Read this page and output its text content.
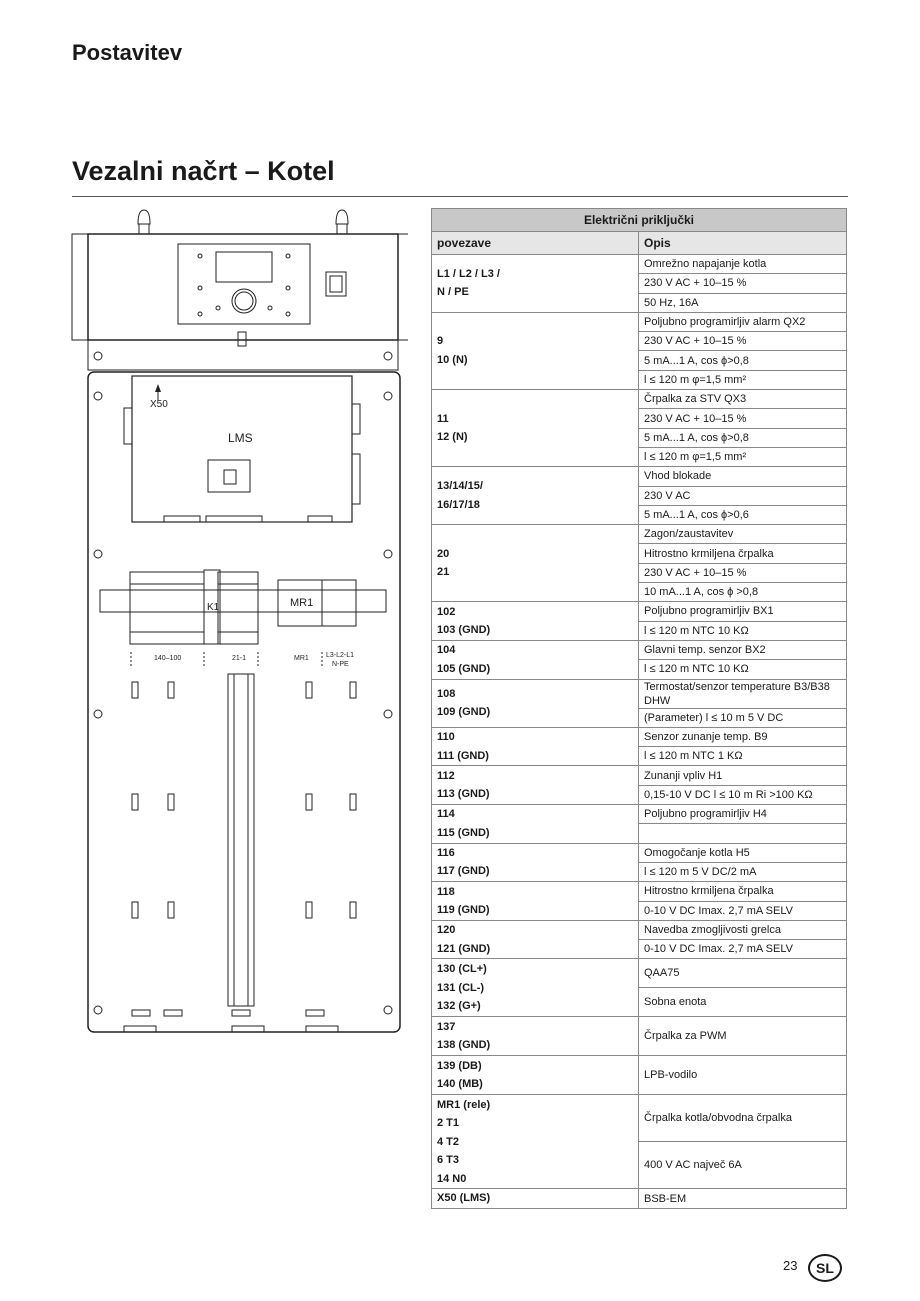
Postavitev
Vezalni načrt – Kotel
X50
LMS
K1	MR1
140–100	21-1	MR1 L3-L2-L1
N-PE
Električni priključki	
povezave	Opis

L1 / L2 / L3 /
N / PE	Omrežno napajanje kotla
	230 V AC + 10–15 %
	50 Hz, 16A

9
10 (N)	Poljubno programirljiv alarm QX2
	230 V AC + 10–15 %
	5 mA...1 A, cos ϕ>0,8
	l ≤ 120 m φ=1,5 mm²

11
12 (N)	Črpalka za STV QX3
	230 V AC + 10–15 %
	5 mA...1 A, cos ϕ>0,8
	l ≤ 120 m φ=1,5 mm²

13/14/15/
16/17/18	Vhod blokade
	230 V AC
	5 mA...1 A, cos ϕ>0,6

20
21	Zagon/zaustavitev
	Hitrostno krmiljena črpalka
	230 V AC + 10–15 %
	10 mA...1 A, cos ϕ >0,8

102
103 (GND)	Poljubno programirljiv BX1
	l ≤ 120 m NTC 10 KΩ

104
105 (GND)	Glavni temp. senzor BX2
	l ≤ 120 m NTC 10 KΩ

108
109 (GND)	Termostat/senzor temperature B3/B38 DHW
	(Parameter) l ≤ 10 m 5 V DC

110
111 (GND)	Senzor zunanje temp. B9
	l ≤ 120 m NTC 1 KΩ

112
113 (GND)	Zunanji vpliv H1
	0,15-10 V DC l ≤ 10 m Ri >100 KΩ

114
115 (GND)	Poljubno programirljiv H4

116
117 (GND)	Omogočanje kotla H5
	l ≤ 120 m 5 V DC/2 mA

118
119 (GND)	Hitrostno krmiljena črpalka
	0-10 V DC Imax. 2,7 mA SELV

120
121 (GND)	Navedba zmogljivosti grelca
	0-10 V DC Imax. 2,7 mA SELV

130 (CL+)
131 (CL-)
132 (G+)	QAA75
	Sobna enota

137
138 (GND)	Črpalka za PWM

139 (DB)
140 (MB)	LPB-vodilo

MR1 (rele)
2 T1
4 T2
6 T3
14 N0	Črpalka kotla/obvodna črpalka
	400 V AC največ 6A

X50 (LMS)	BSB-EM
23	SL
